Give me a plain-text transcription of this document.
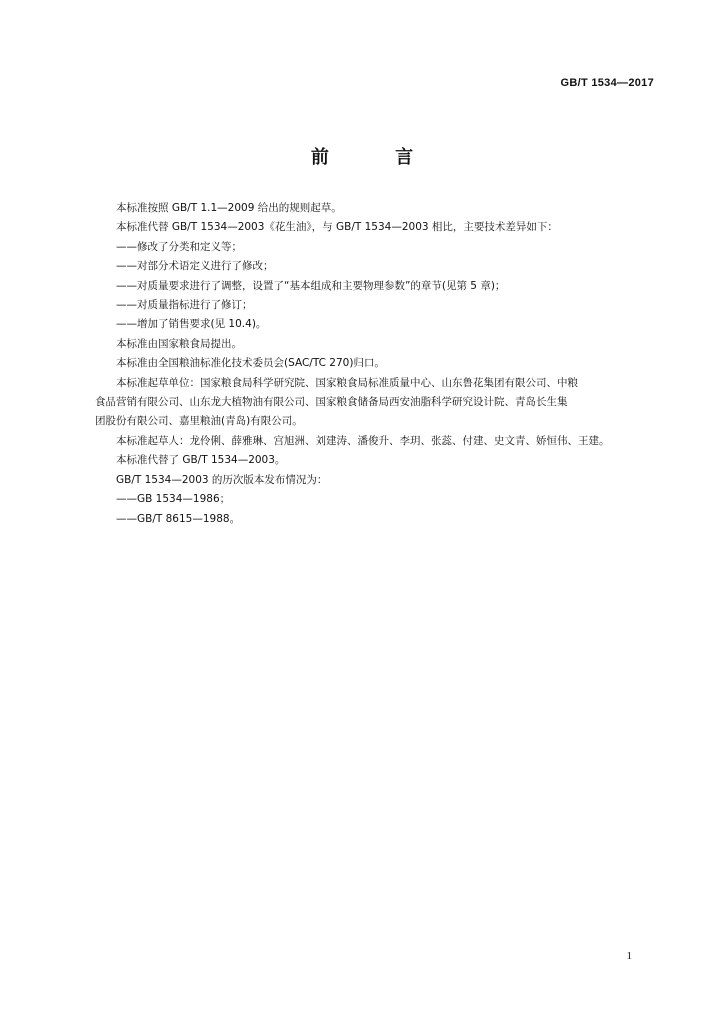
GB/T 1534—2017
前 言

本标准按照 GB/T 1.1—2009 给出的规则起草。

本标准代替 GB/T 1534—2003《花生油》，与 GB/T 1534—2003 相比，主要技术差异如下：

——修改了分类和定义等；

——对部分术语定义进行了修改；

——对质量要求进行了调整，设置了“基本组成和主要物理参数”的章节(见第 5 章)；

——对质量指标进行了修订；

——增加了销售要求(见 10.4)。

本标准由国家粮食局提出。

本标准由全国粮油标准化技术委员会(SAC/TC 270)归口。

本标准起草单位：国家粮食局科学研究院、国家粮食局标准质量中心、山东鲁花集团有限公司、中粮

食品营销有限公司、山东龙大植物油有限公司、国家粮食储备局西安油脂科学研究设计院、青岛长生集

团股份有限公司、嘉里粮油(青岛)有限公司。

本标准起草人：龙伶俐、薛雅琳、宫旭洲、刘建涛、潘俊升、李玥、张蕊、付建、史文青、娇恒伟、王建。

本标准代替了 GB/T 1534—2003。

GB/T 1534—2003 的历次版本发布情况为：

——GB 1534—1986；

——GB/T 8615—1988。

1
